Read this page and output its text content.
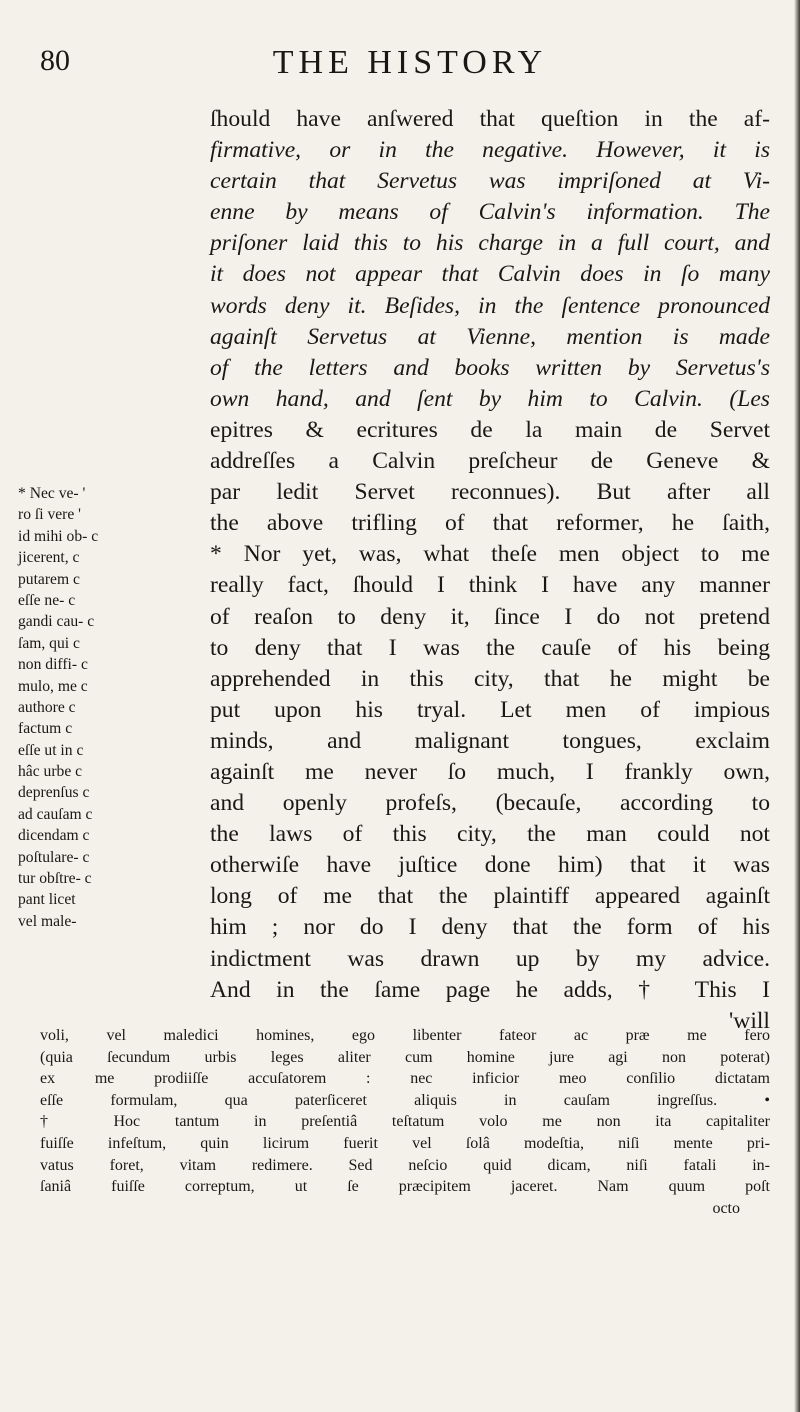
80	THE HISTORY
ſhould have anſwered that queſtion in the af-
firmative, or in the negative. However, it is
certain that Servetus was impriſoned at Vi-
enne by means of Calvin's information. The
priſoner laid this to his charge in a full court, and
it does not appear that Calvin does in ſo many
words deny it. Beſides, in the ſentence pronounced
againſt Servetus at Vienne, mention is made
of the letters and books written by Servetus's
own hand, and ſent by him to Calvin. (Les
epitres & ecritures de la main de Servet
addreſſes a Calvin preſcheur de Geneve &
par ledit Servet reconnues). But after all
the above trifling of that reformer, he ſaith,
* Nor yet, was, what theſe men object to me
really fact, ſhould I think I have any manner
of reaſon to deny it, ſince I do not pretend
to deny that I was the cauſe of his being
apprehended in this city, that he might be
put upon his tryal. Let men of impious
minds, and malignant tongues, exclaim
againſt me never ſo much, I frankly own,
and openly profeſs, (becauſe, according to
the laws of this city, the man could not
otherwiſe have juſtice done him) that it was
long of me that the plaintiff appeared againſt
him ; nor do I deny that the form of his
indictment was drawn up by my advice.
And in the ſame page he adds, † This I
'will
* Nec ve- '
ro ſi vere '
id mihi ob- c
jicerent, c
putarem c
eſſe ne- c
gandi cau- c
ſam, qui c
non diffi- c
mulo, me c
authore c
factum c
eſſe ut in c
hâc urbe c
deprenſus c
ad cauſam c
dicendam c
poſtulare- c
tur obſtre- c
pant licet
vel male-
voli, vel maledici homines, ego libenter fateor ac præ me fero
(quia ſecundum urbis leges aliter cum homine jure agi non poterat)
ex me prodiiſſe accuſatorem : nec inficior meo conſilio dictatam
eſſe formulam, qua paterſiceret aliquis in cauſam ingreſſus. •
† Hoc tantum in preſentiâ teſtatum volo me non ita capitaliter
fuiſſe infeſtum, quin licirum fuerit vel ſolâ modeſtia, niſi mente pri-
vatus foret, vitam redimere. Sed neſcio quid dicam, niſi fatali in-
ſaniâ fuiſſe correptum, ut ſe præcipitem jaceret. Nam quum poſt
octo
